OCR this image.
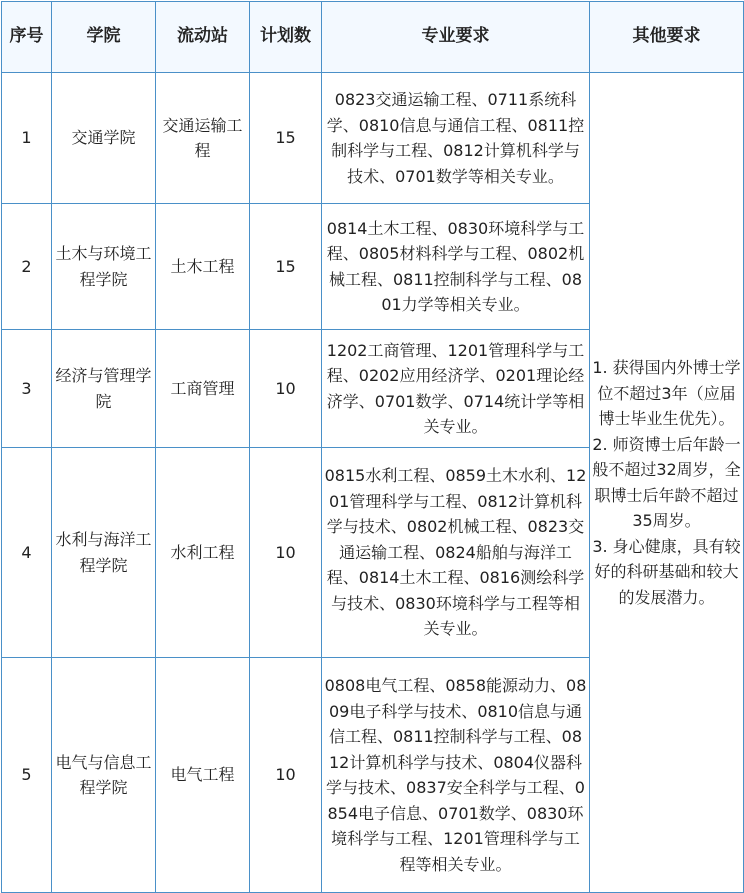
序号	学院	流动站	计划数	专业要求	其他要求
1	交通学院	交通运输工程	15	0823交通运输工程、0711系统科学、0810信息与通信工程、0811控制科学与工程、0812计算机科学与技术、0701数学等相关专业。	1. 获得国内外博士学位不超过3年（应届博士毕业生优先）。
2. 师资博士后年龄一般不超过32周岁，全职博士后年龄不超过35周岁。
3. 身心健康，具有较好的科研基础和较大的发展潜力。

2	土木与环境工程学院	土木工程	15	0814土木工程、0830环境科学与工程、0805材料科学与工程、0802机械工程、0811控制科学与工程、0801力学等相关专业。	
3	经济与管理学院	工商管理	10	1202工商管理、1201管理科学与工程、0202应用经济学、0201理论经济学、0701数学、0714统计学等相关专业。	
4	水利与海洋工程学院	水利工程	10	0815水利工程、0859土木水利、1201管理科学与工程、0812计算机科学与技术、0802机械工程、0823交通运输工程、0824船舶与海洋工程、0814土木工程、0816测绘科学与技术、0830环境科学与工程等相关专业。	
5	电气与信息工程学院	电气工程	10	0808电气工程、0858能源动力、0809电子科学与技术、0810信息与通信工程、0811控制科学与工程、0812计算机科学与技术、0804仪器科学与技术、0837安全科学与工程、0854电子信息、0701数学、0830环境科学与工程、1201管理科学与工程等相关专业。	
